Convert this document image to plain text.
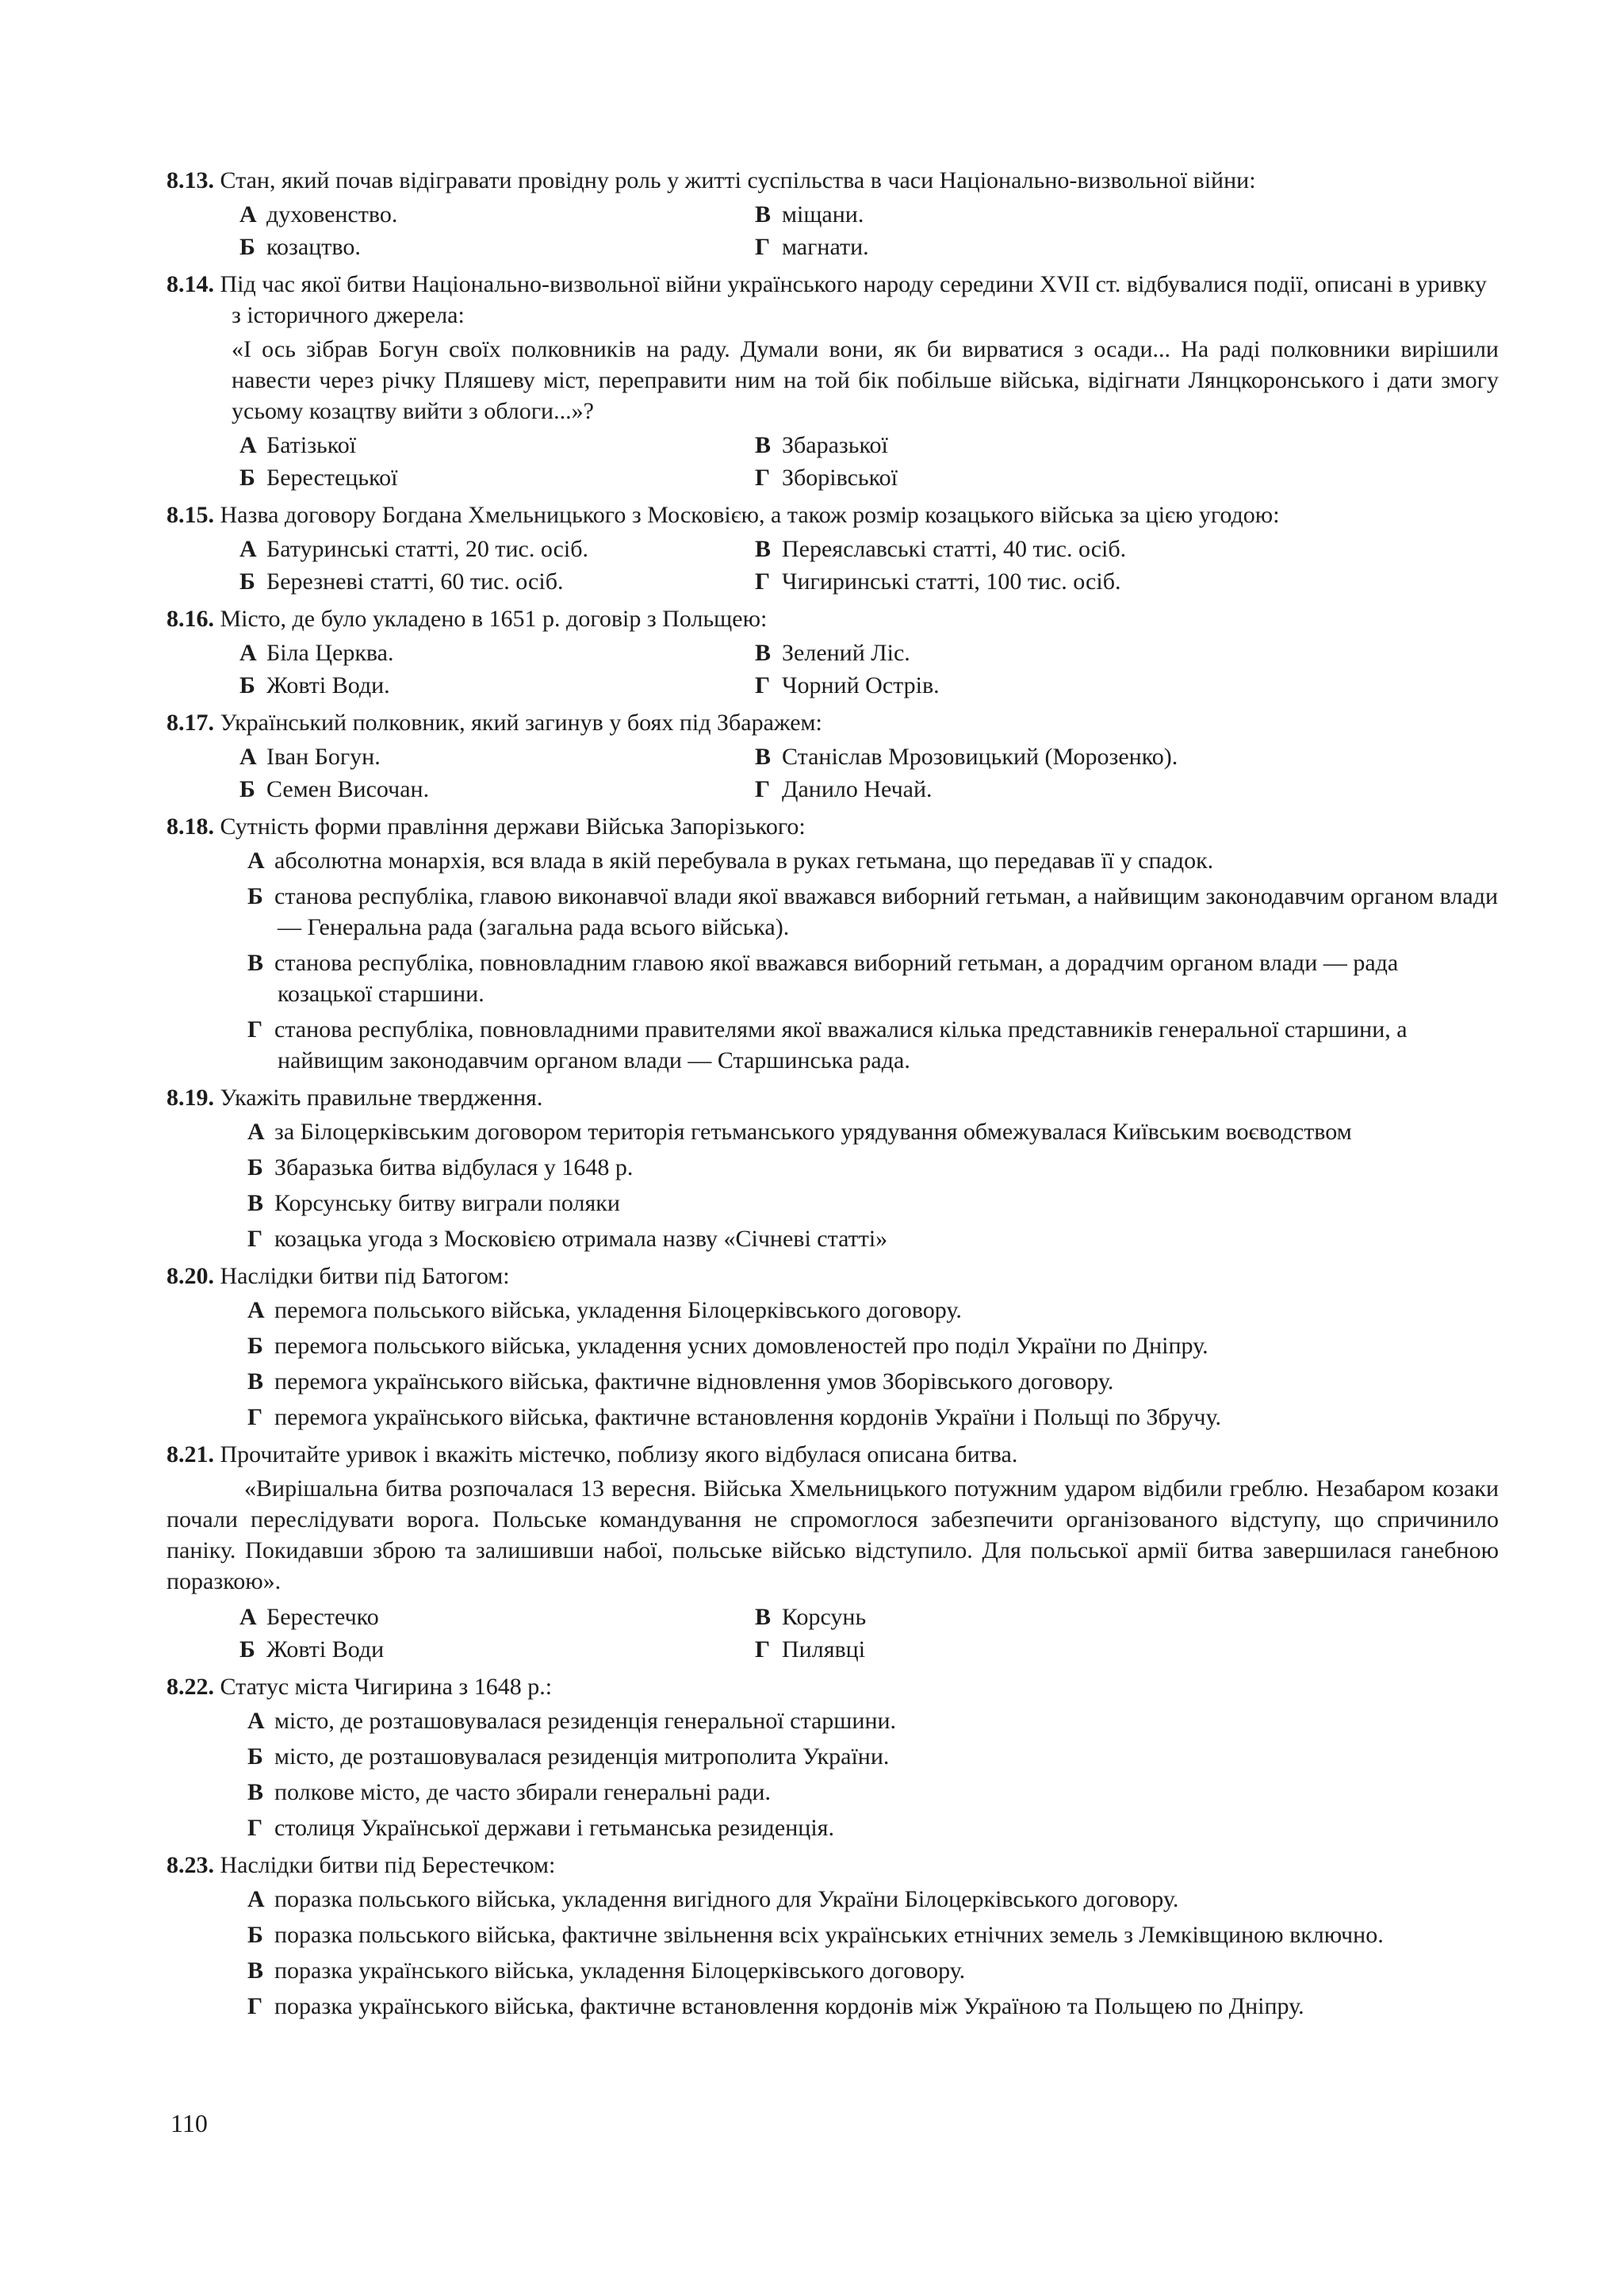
8.13. Стан, який почав відігравати провідну роль у житті суспільства в часи Національно-визвольної війни:
А духовенство.	В міщани.
Б козацтво.	Г магнати.
8.14. Під час якої битви Національно-визвольної війни українського народу середини XVII ст. відбувалися події, описані в уривку з історичного джерела:
«І ось зібрав Богун своїх полковників на раду. Думали вони, як би вирватися з осади... На раді полковники вирішили навести через річку Пляшеву міст, переправити ним на той бік побільше війська, відігнати Лянцкоронського і дати змогу усьому козацтву вийти з облоги...»?
А Батізької	В Збаразької
Б Берестецької	Г Зборівської
8.15. Назва договору Богдана Хмельницького з Московією, а також розмір козацького війська за цією угодою:
А Батуринські статті, 20 тис. осіб.	В Переяславські статті, 40 тис. осіб.
Б Березневі статті, 60 тис. осіб.	Г Чигиринські статті, 100 тис. осіб.
8.16. Місто, де було укладено в 1651 р. договір з Польщею:
А Біла Церква.	В Зелений Ліс.
Б Жовті Води.	Г Чорний Острів.
8.17. Український полковник, який загинув у боях під Збаражем:
А Іван Богун.	В Станіслав Мрозовицький (Морозенко).
Б Семен Височан.	Г Данило Нечай.
8.18. Сутність форми правління держави Війська Запорізького:
А абсолютна монархія, вся влада в якій перебувала в руках гетьмана, що передавав її у спадок.
Б станова республіка, главою виконавчої влади якої вважався виборний гетьман, а найвищим законодавчим органом влади — Генеральна рада (загальна рада всього війська).
В станова республіка, повновладним главою якої вважався виборний гетьман, а дорадчим органом влади — рада козацької старшини.
Г станова республіка, повновладними правителями якої вважалися кілька представників генеральної старшини, а найвищим законодавчим органом влади — Старшинська рада.
8.19. Укажіть правильне твердження.
А за Білоцерківським договором територія гетьманського урядування обмежувалася Київським воєводством
Б Збаразька битва відбулася у 1648 р.
В Корсунську битву виграли поляки
Г козацька угода з Московією отримала назву «Січневі статті»
8.20. Наслідки битви під Батогом:
А перемога польського війська, укладення Білоцерківського договору.
Б перемога польського війська, укладення усних домовленостей про поділ України по Дніпру.
В перемога українського війська, фактичне відновлення умов Зборівського договору.
Г перемога українського війська, фактичне встановлення кордонів України і Польщі по Збручу.
8.21. Прочитайте уривок і вкажіть містечко, поблизу якого відбулася описана битва.
«Вирішальна битва розпочалася 13 вересня. Війська Хмельницького потужним ударом відбили греблю. Незабаром козаки почали переслідувати ворога. Польське командування не спромоглося забезпечити організованого відступу, що спричинило паніку. Покидавши зброю та залишивши набої, польське військо відступило. Для польської армії битва завершилася ганебною поразкою».
А Берестечко	В Корсунь
Б Жовті Води	Г Пилявці
8.22. Статус міста Чигирина з 1648 р.:
А місто, де розташовувалася резиденція генеральної старшини.
Б місто, де розташовувалася резиденція митрополита України.
В полкове місто, де часто збирали генеральні ради.
Г столиця Української держави і гетьманська резиденція.
8.23. Наслідки битви під Берестечком:
А поразка польського війська, укладення вигідного для України Білоцерківського договору.
Б поразка польського війська, фактичне звільнення всіх українських етнічних земель з Лемківщиною включно.
В поразка українського війська, укладення Білоцерківського договору.
Г поразка українського війська, фактичне встановлення кордонів між Україною та Польщею по Дніпру.
110
